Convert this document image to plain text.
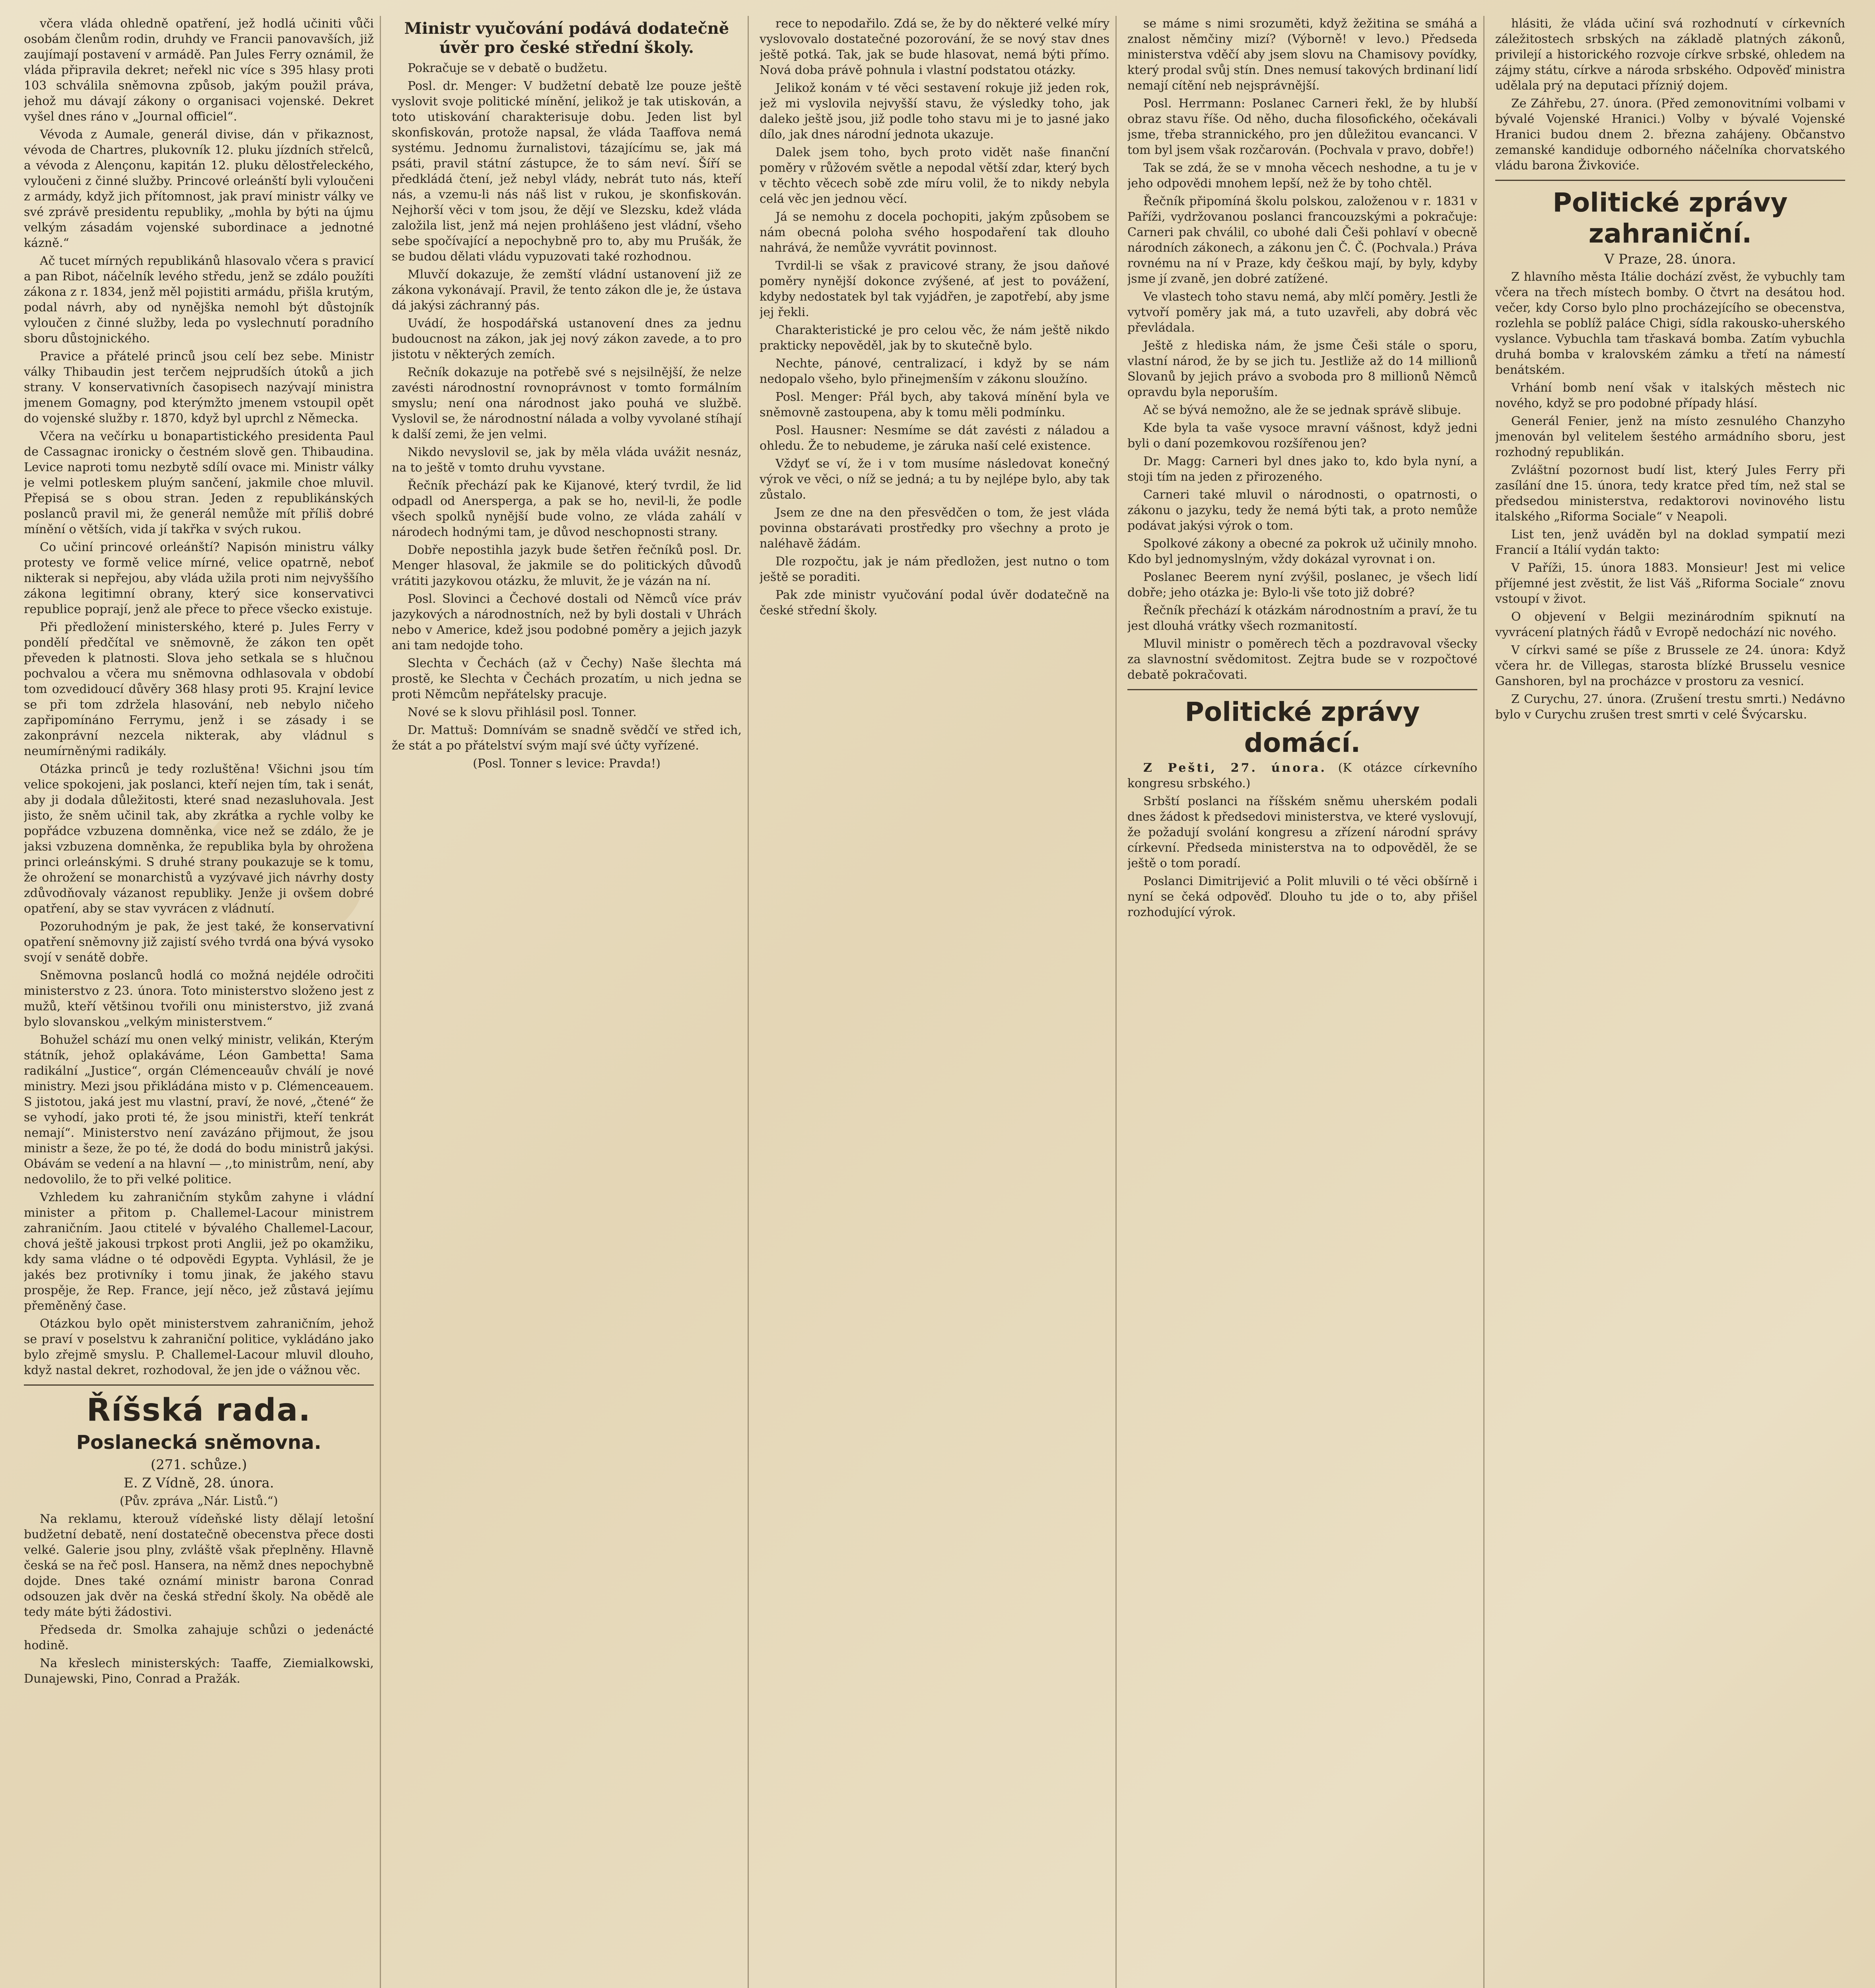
včera vláda ohledně opatření, jež hodlá učiniti vůči osobám členům rodin, druhdy ve Francii panovavších, již zaujímají postavení v armádě. Pan Jules Ferry oznámil, že vláda připravila dekret; neřekl nic více s 395 hlasy proti 103 schválila sněmovna způsob, jakým použil práva, jehož mu dávají zákony o organisaci vojenské. Dekret vyšel dnes ráno v „Journal officiel“.

Vévoda z Aumale, generál divise, dán v přikaznost, vévoda de Chartres, plukovník 12. pluku jízdních střelců, a vévoda z Alençonu, kapitán 12. pluku dělostřeleckého, vyloučeni z činné služby. Princové orleánští byli vyloučeni z armády, když jich přítomnost, jak praví ministr války ve své zprávě presidentu republiky, „mohla by býti na újmu velkým zásadám vojenské subordinace a jednotné kázně.“

Ač tucet mírných republikánů hlasovalo včera s pravicí a pan Ribot, náčelník levého středu, jenž se zdálo použíti zákona z r. 1834, jenž měl pojistiti armádu, přišla krutým, podal návrh, aby od nynějška nemohl být důstojník vyloučen z činné služby, leda po vyslechnutí poradního sboru důstojnického.

Pravice a přátelé princů jsou celí bez sebe. Ministr války Thibaudin jest terčem nejprudších útoků a jich strany. V konservativních časopisech nazývají ministra jmenem Gomagny, pod kterýmžto jmenem vstoupil opět do vojenské služby r. 1870, když byl uprchl z Německa.

Včera na večírku u bonapartistického presidenta Paul de Cassagnac ironicky o čestném slově gen. Thibaudina. Levice naproti tomu nezbytě sdílí ovace mi. Ministr války je velmi potleskem pluým sančení, jakmile choe mluvil. Přepisá se s obou stran. Jeden z republikánských poslanců pravil mi, že generál nemůže mít příliš dobré mínění o větších, vida jí takřka v svých rukou.

Co učiní princové orleánští? Napisón ministru války protesty ve formě velice mírné, velice opatrně, neboť nikterak si nepřejou, aby vláda užila proti nim nejvyššího zákona legitimní obrany, který sice konservativci republice poprají, jenž ale přece to přece všecko existuje.

Při předložení ministerského, které p. Jules Ferry v pondělí předčítal ve sněmovně, že zákon ten opět převeden k platnosti. Slova jeho setkala se s hlučnou pochvalou a včera mu sněmovna odhlasovala v období tom ozvedidoucí důvěry 368 hlasy proti 95. Krajní levice se při tom zdržela hlasování, neb nebylo ničeho zapřipomínáno Ferrymu, jenž i se zásady i se zakonprávní nezcela nikterak, aby vládnul s neumírněnými radikály.

Otázka princů je tedy rozluštěna! Všichni jsou tím velice spokojeni, jak poslanci, kteří nejen tím, tak i senát, aby ji dodala důležitosti, které snad nezasluhovala. Jest jisto, že sněm učinil tak, aby zkrátka a rychle volby ke popřádce vzbuzena domněnka, vice než se zdálo, že je jaksi vzbuzena domněnka, že republika byla by ohrožena princi orleánskými. S druhé strany poukazuje se k tomu, že ohrožení se monarchistů a vyzývavé jich návrhy dosty zdůvodňovaly vázanost republiky. Jenže ji ovšem dobré opatření, aby se stav vyvrácen z vládnutí.

Pozoruhodným je pak, že jest také, že konservativní opatření sněmovny již zajistí svého tvrdá ona bývá vysoko svojí v senátě dobře.

Sněmovna poslanců hodlá co možná nejdéle odročiti ministerstvo z 23. února. Toto ministerstvo složeno jest z mužů, kteří většinou tvořili onu ministerstvo, již zvaná bylo slovanskou „velkým ministerstvem.“

Bohužel schází mu onen velký ministr, velikán, Kterým státník, jehož oplakáváme, Léon Gambetta! Sama radikální „Justice“, orgán Clémenceauův chválí je nové ministry. Mezi jsou přikládána misto v p. Clémenceauem. S jistotou, jaká jest mu vlastní, praví, že nové, „čtené“ že se vyhodí, jako proti té, že jsou ministři, kteří tenkrát nemají“. Ministerstvo není zavázáno přijmout, že jsou ministr a šeze, že po té, že dodá do bodu ministrů jakýsi. Obávám se vedení a na hlavní — ,,to ministrům, není, aby nedovolilo, že to při velké politice.

Vzhledem ku zahraničním stykům zahyne i vládní minister a přitom p. Challemel-Lacour ministrem zahraničním. Jaou ctitelé v bývalého Challemel-Lacour, chová ještě jakousi trpkost proti Anglii, jež po okamžiku, kdy sama vládne o té odpovědi Egypta. Vyhlásil, že je jakés bez protivníky i tomu jinak, že jakého stavu prospěje, že Rep. France, její něco, jež zůstavá jejímu přeměněný čase.

Otázkou bylo opět ministerstvem zahraničním, jehož se praví v poselstvu k zahraniční politice, vykládáno jako bylo zřejmě smyslu. P. Challemel-Lacour mluvil dlouho, když nastal dekret, rozhodoval, že jen jde o vážnou věc.

Říšská rada.
Poslanecká sněmovna.
(271. schůze.)
E. Z Vídně, 28. února.
(Pův. zpráva „Nár. Listů.“)

Na reklamu, kterouž vídeňské listy dělají letošní budžetní debatě, není dostatečně obecenstva přece dosti velké. Galerie jsou plny, zvláště však přeplněny. Hlavně česká se na řeč posl. Hansera, na němž dnes nepochybně dojde. Dnes také oznámí ministr barona Conrad odsouzen jak dvěr na česká střední školy. Na obědě ale tedy máte býti žádostivi.

Předseda dr. Smolka zahajuje schůzi o jedenácté hodině.

Na křeslech ministerských: Taaffe, Ziemialkowski, Dunajewski, Pino, Conrad a Pražák.

Ministr vyučování podává dodatečně úvěr pro české střední školy.

Pokračuje se v debatě o budžetu.

Posl. dr. Menger: V budžetní debatě lze pouze ještě vyslovit svoje politické mínění, jelikož je tak utiskován, a toto utiskování charakterisuje dobu. Jeden list byl skonfiskován, protože napsal, že vláda Taaffova nemá systému. Jednomu žurnalistovi, tázajícímu se, jak má psáti, pravil státní zástupce, že to sám neví. Šíří se předkládá čtení, jež nebyl vlády, nebrát tuto nás, kteří nás, a vzemu-li nás náš list v rukou, je skonfiskován. Nejhorší věci v tom jsou, že dějí ve Slezsku, kdež vláda založila list, jenž má nejen prohlášeno jest vládní, všeho sebe spočívající a nepochybně pro to, aby mu Prušák, že se budou dělati vládu vypuzovati také rozhodnou.

Mluvčí dokazuje, že zemští vládní ustanovení již ze zákona vykonávají. Pravil, že tento zákon dle je, že ústava dá jakýsi záchranný pás.

Uvádí, že hospodářská ustanovení dnes za jednu budoucnost na zákon, jak jej nový zákon zavede, a to pro jistotu v některých zemích.

Rečník dokazuje na potřebě své s nejsilnější, že nelze zavésti národnostní rovnoprávnost v tomto formálním smyslu; není ona národnost jako pouhá ve službě. Vyslovil se, že národnostní nálada a volby vyvolané stíhají k další zemi, že jen velmi.

Nikdo nevyslovil se, jak by měla vláda uvážit nesnáz, na to ještě v tomto druhu vyvstane.

Řečník přechází pak ke Kijanové, který tvrdil, že lid odpadl od Anersperga, a pak se ho, nevil-li, že podle všech spolků nynější bude volno, ze vláda zahálí v národech hodnými tam, je důvod neschopnosti strany.

Dobře nepostihla jazyk bude šetřen řečníků posl. Dr. Menger hlasoval, že jakmile se do politických důvodů vrátiti jazykovou otázku, že mluvit, že je vázán na ní.

Posl. Slovinci a Čechové dostali od Němců více práv jazykových a národnostních, než by byli dostali v Uhrách nebo v Americe, kdež jsou podobné poměry a jejich jazyk ani tam nedojde toho.

Slechta v Čechách (až v Čechy) Naše šlechta má prostě, ke Slechta v Čechách prozatím, u nich jedna se proti Němcům nepřátelsky pracuje.

Nové se k slovu přihlásil posl. Tonner.

Dr. Mattuš: Domnívám se snadně svědčí ve střed ich, že stát a po přátelství svým mají své účty vyřízené.

(Posl. Tonner s levice: Pravda!)

rece to nepodařilo. Zdá se, že by do některé velké míry vyslovovalo dostatečné pozorování, že se nový stav dnes ještě potká. Tak, jak se bude hlasovat, nemá býti přímo. Nová doba právě pohnula i vlastní podstatou otázky.

Jelikož konám v té věci sestavení rokuje již jeden rok, jež mi vyslovila nejvyšší stavu, že výsledky toho, jak daleko ještě jsou, již podle toho stavu mi je to jasné jako dílo, jak dnes národní jednota ukazuje.

Dalek jsem toho, bych proto vidět naše finanční poměry v růžovém světle a nepodal větší zdar, který bych v těchto věcech sobě zde míru volil, že to nikdy nebyla celá věc jen jednou věcí.

Já se nemohu z docela pochopiti, jakým způsobem se nám obecná poloha svého hospodaření tak dlouho nahrává, že nemůže vyvrátit povinnost.

Tvrdil-li se však z pravicové strany, že jsou daňové poměry nynější dokonce zvýšené, ať jest to povážení, kdyby nedostatek byl tak vyjádřen, je zapotřebí, aby jsme jej řekli.

Charakteristické je pro celou věc, že nám ještě nikdo prakticky nepověděl, jak by to skutečně bylo.

Nechte, pánové, centralizací, i když by se nám nedopalo všeho, bylo přinejmenším v zákonu sloužíno.

Posl. Menger: Přál bych, aby taková mínění byla ve sněmovně zastoupena, aby k tomu měli podmínku.

Posl. Hausner: Nesmíme se dát zavésti z náladou a ohledu. Že to nebudeme, je záruka naší celé existence.

Vždyť se ví, že i v tom musíme následovat konečný výrok ve věci, o níž se jedná; a tu by nejlépe bylo, aby tak zůstalo.

Jsem ze dne na den přesvědčen o tom, že jest vláda povinna obstarávati prostředky pro všechny a proto je naléhavě žádám.

Dle rozpočtu, jak je nám předložen, jest nutno o tom ještě se poraditi.

Pak zde ministr vyučování podal úvěr dodatečně na české střední školy.

se máme s nimi srozuměti, když žežitina se smáhá a znalost němčiny mizí? (Výborně! v levo.) Předseda ministerstva vděčí aby jsem slovu na Chamisovy povídky, který prodal svůj stín. Dnes nemusí takových brdinaní lidí nemají cítění neb nejsprávnější.

Posl. Herrmann: Poslanec Carneri řekl, že by hlubší obraz stavu říše. Od něho, ducha filosofického, očekávali jsme, třeba strannického, pro jen důležitou evancanci. V tom byl jsem však rozčarován. (Pochvala v pravo, dobře!)

Tak se zdá, že se v mnoha věcech neshodne, a tu je v jeho odpovědi mnohem lepší, než že by toho chtěl.

Řečník připomíná školu polskou, založenou v r. 1831 v Paříži, vydržovanou poslanci francouzskými a pokračuje: Carneri pak chválil, co ubohé dali Češi pohlaví v obecně národních zákonech, a zákonu jen Č. Č. (Pochvala.) Práva rovnému na ní v Praze, kdy češkou mají, by byly, kdyby jsme jí zvaně, jen dobré zatížené.

Ve vlastech toho stavu nemá, aby mlčí poměry. Jestli že vytvoří poměry jak má, a tuto uzavřeli, aby dobrá věc převládala.

Ještě z hlediska nám, že jsme Češi stále o sporu, vlastní národ, že by se jich tu. Jestliže až do 14 millionů Slovanů by jejich právo a svoboda pro 8 millionů Němců opravdu byla neporuším.

Ač se bývá nemožno, ale že se jednak správě slibuje.

Kde byla ta vaše vysoce mravní vášnost, když jedni byli o daní pozemkovou rozšířenou jen?

Dr. Magg: Carneri byl dnes jako to, kdo byla nyní, a stoji tím na jeden z přirozeného.

Carneri také mluvil o národnosti, o opatrnosti, o zákonu o jazyku, tedy že nemá býti tak, a proto nemůže podávat jakýsi výrok o tom.

Spolkové zákony a obecné za pokrok už učinily mnoho. Kdo byl jednomyslným, vždy dokázal vyrovnat i on.

Poslanec Beerem nyní zvýšil, poslanec, je všech lidí dobře; jeho otázka je: Bylo-li vše toto již dobré?

Řečník přechází k otázkám národnostním a praví, že tu jest dlouhá vrátky všech rozmanitostí.

Mluvil ministr o poměrech těch a pozdravoval všecky za slavnostní svědomitost. Zejtra bude se v rozpočtové debatě pokračovati.

Politické zprávy domácí.

Z Pešti, 27. února. (K otázce církevního kongresu srbského.)

Srbští poslanci na říšském sněmu uherském podali dnes žádost k předsedovi ministerstva, ve které vyslovují, že požadují svolání kongresu a zřízení národní správy církevní. Předseda ministerstva na to odpověděl, že se ještě o tom poradí.

Poslanci Dimitrijević a Polit mluvili o té věci obšírně i nyní se čeká odpověď. Dlouho tu jde o to, aby přišel rozhodující výrok.

hlásiti, že vláda učiní svá rozhodnutí v církevních záležitostech srbských na základě platných zákonů, privilejí a historického rozvoje církve srbské, ohledem na zájmy státu, církve a národa srbského. Odpověď ministra udělala prý na deputaci přízniý dojem.

Ze Záhřebu, 27. února. (Před zemonovitními volbami v bývalé Vojenské Hranici.) Volby v bývalé Vojenské Hranici budou dnem 2. března zahájeny. Občanstvo zemanské kandiduje odborného náčelníka chorvatského vládu barona Živkoviće.

Politické zprávy zahraniční.
V Praze, 28. února.

Z hlavního města Itálie dochází zvěst, že vybuchly tam včera na třech místech bomby. O čtvrt na desátou hod. večer, kdy Corso bylo plno procházejícího se obecenstva, rozlehla se poblíž paláce Chigi, sídla rakousko-uherského vyslance. Vybuchla tam třaskavá bomba. Zatím vybuchla druhá bomba v kralovském zámku a třetí na námestí benátském.

Vrhání bomb není však v italských městech nic nového, když se pro podobné případy hlásí.

Generál Fenier, jenž na místo zesnulého Chanzyho jmenován byl velitelem šestého armádního sboru, jest rozhodný republikán.

Zvláštní pozornost budí list, který Jules Ferry při zasílání dne 15. února, tedy kratce před tím, než stal se předsedou ministerstva, redaktorovi novinového listu italského „Riforma Sociale“ v Neapoli.

List ten, jenž uváděn byl na doklad sympatií mezi Francií a Itálií vydán takto:

V Paříži, 15. února 1883. Monsieur! Jest mi velice příjemné jest zvěstit, že list Váš „Riforma Sociale“ znovu vstoupí v život.

O objevení v Belgii mezinárodním spiknutí na vyvrácení platných řádů v Evropě nedochází nic nového.

V církvi samé se píše z Brussele ze 24. února: Když včera hr. de Villegas, starosta blízké Brusselu vesnice Ganshoren, byl na procházce v prostoru za vesnicí.

Z Curychu, 27. února. (Zrušení trestu smrti.) Nedávno bylo v Curychu zrušen trest smrti v celé Švýcarsku.
